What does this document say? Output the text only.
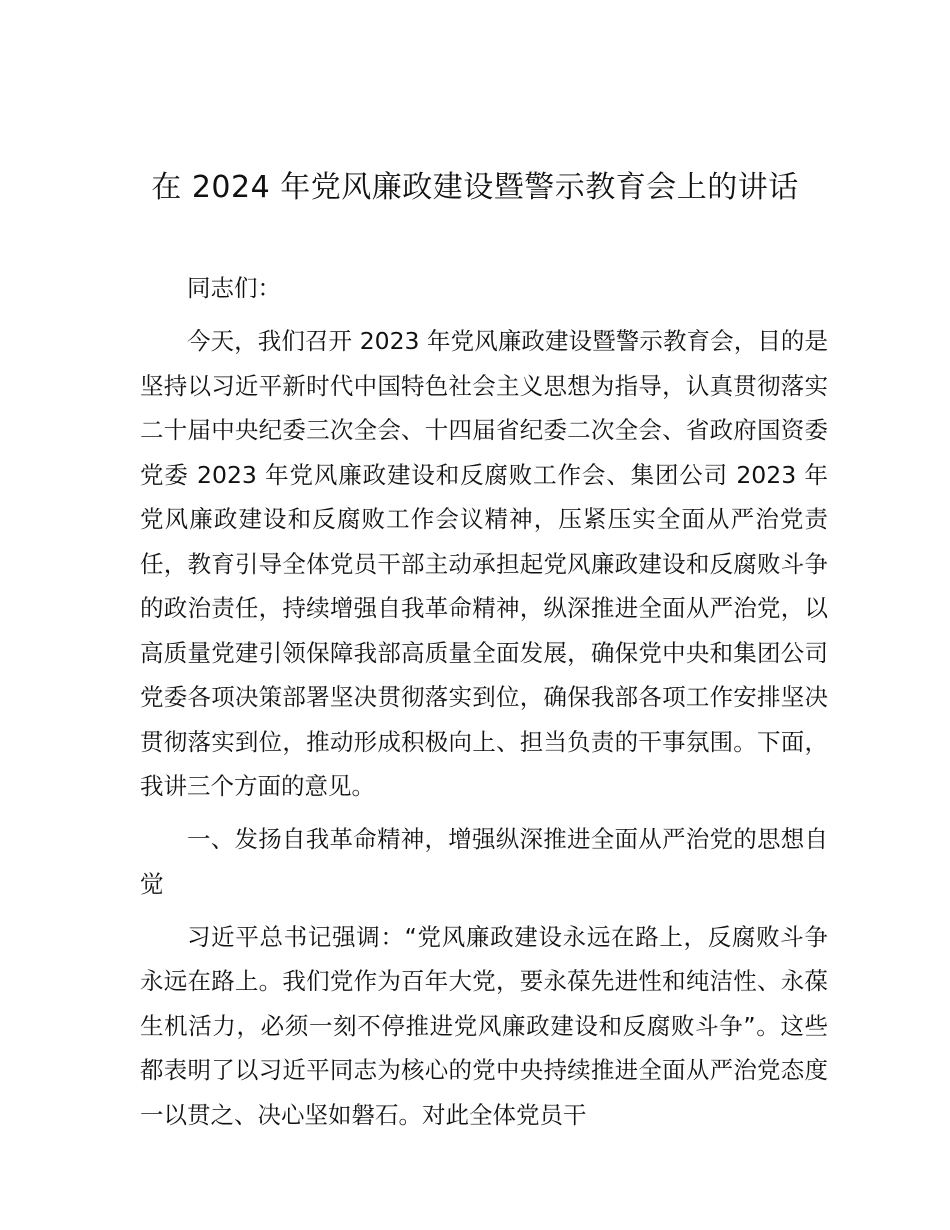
在 2024 年党风廉政建设暨警示教育会上的讲话

同志们：

今天，我们召开 2023 年党风廉政建设暨警示教育会，目的是坚持以习近平新时代中国特色社会主义思想为指导，认真贯彻落实二十届中央纪委三次全会、十四届省纪委二次全会、省政府国资委党委 2023 年党风廉政建设和反腐败工作会、集团公司 2023 年党风廉政建设和反腐败工作会议精神，压紧压实全面从严治党责任，教育引导全体党员干部主动承担起党风廉政建设和反腐败斗争的政治责任，持续增强自我革命精神，纵深推进全面从严治党，以高质量党建引领保障我部高质量全面发展，确保党中央和集团公司党委各项决策部署坚决贯彻落实到位，确保我部各项工作安排坚决贯彻落实到位，推动形成积极向上、担当负责的干事氛围。下面，我讲三个方面的意见。

一、发扬自我革命精神，增强纵深推进全面从严治党的思想自觉

习近平总书记强调：“党风廉政建设永远在路上，反腐败斗争永远在路上。我们党作为百年大党，要永葆先进性和纯洁性、永葆生机活力，必须一刻不停推进党风廉政建设和反腐败斗争”。这些都表明了以习近平同志为核心的党中央持续推进全面从严治党态度一以贯之、决心坚如磐石。对此全体党员干
